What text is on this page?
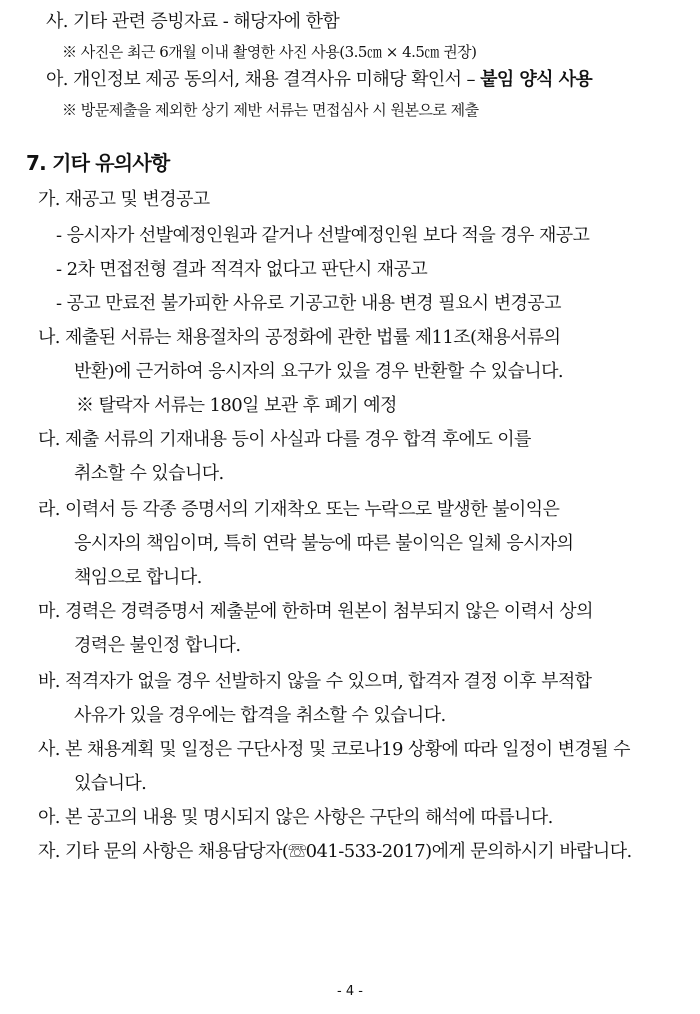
사. 기타 관련 증빙자료 - 해당자에 한함
※ 사진은 최근 6개월 이내 촬영한 사진 사용(3.5㎝ × 4.5㎝ 권장)
아. 개인정보 제공 동의서, 채용 결격사유 미해당 확인서 – 붙임 양식 사용
※ 방문제출을 제외한 상기 제반 서류는 면접심사 시 원본으로 제출
7. 기타 유의사항
가. 재공고 및 변경공고
- 응시자가 선발예정인원과 같거나 선발예정인원 보다 적을 경우 재공고
- 2차 면접전형 결과 적격자 없다고 판단시 재공고
- 공고 만료전 불가피한 사유로 기공고한 내용 변경 필요시 변경공고
나. 제출된 서류는 채용절차의 공정화에 관한 법률 제11조(채용서류의
반환)에 근거하여 응시자의 요구가 있을 경우 반환할 수 있습니다.
※ 탈락자 서류는 180일 보관 후 폐기 예정
다. 제출 서류의 기재내용 등이 사실과 다를 경우 합격 후에도 이를
취소할 수 있습니다.
라. 이력서 등 각종 증명서의 기재착오 또는 누락으로 발생한 불이익은
응시자의 책임이며, 특히 연락 불능에 따른 불이익은 일체 응시자의
책임으로 합니다.
마. 경력은 경력증명서 제출분에 한하며 원본이 첨부되지 않은 이력서 상의
경력은 불인정 합니다.
바. 적격자가 없을 경우 선발하지 않을 수 있으며, 합격자 결정 이후 부적합
사유가 있을 경우에는 합격을 취소할 수 있습니다.
사. 본 채용계획 및 일정은 구단사정 및 코로나19 상황에 따라 일정이 변경될 수
있습니다.
아. 본 공고의 내용 및 명시되지 않은 사항은 구단의 해석에 따릅니다.
자. 기타 문의 사항은 채용담당자(☏041-533-2017)에게 문의하시기 바랍니다.
- 4 -
